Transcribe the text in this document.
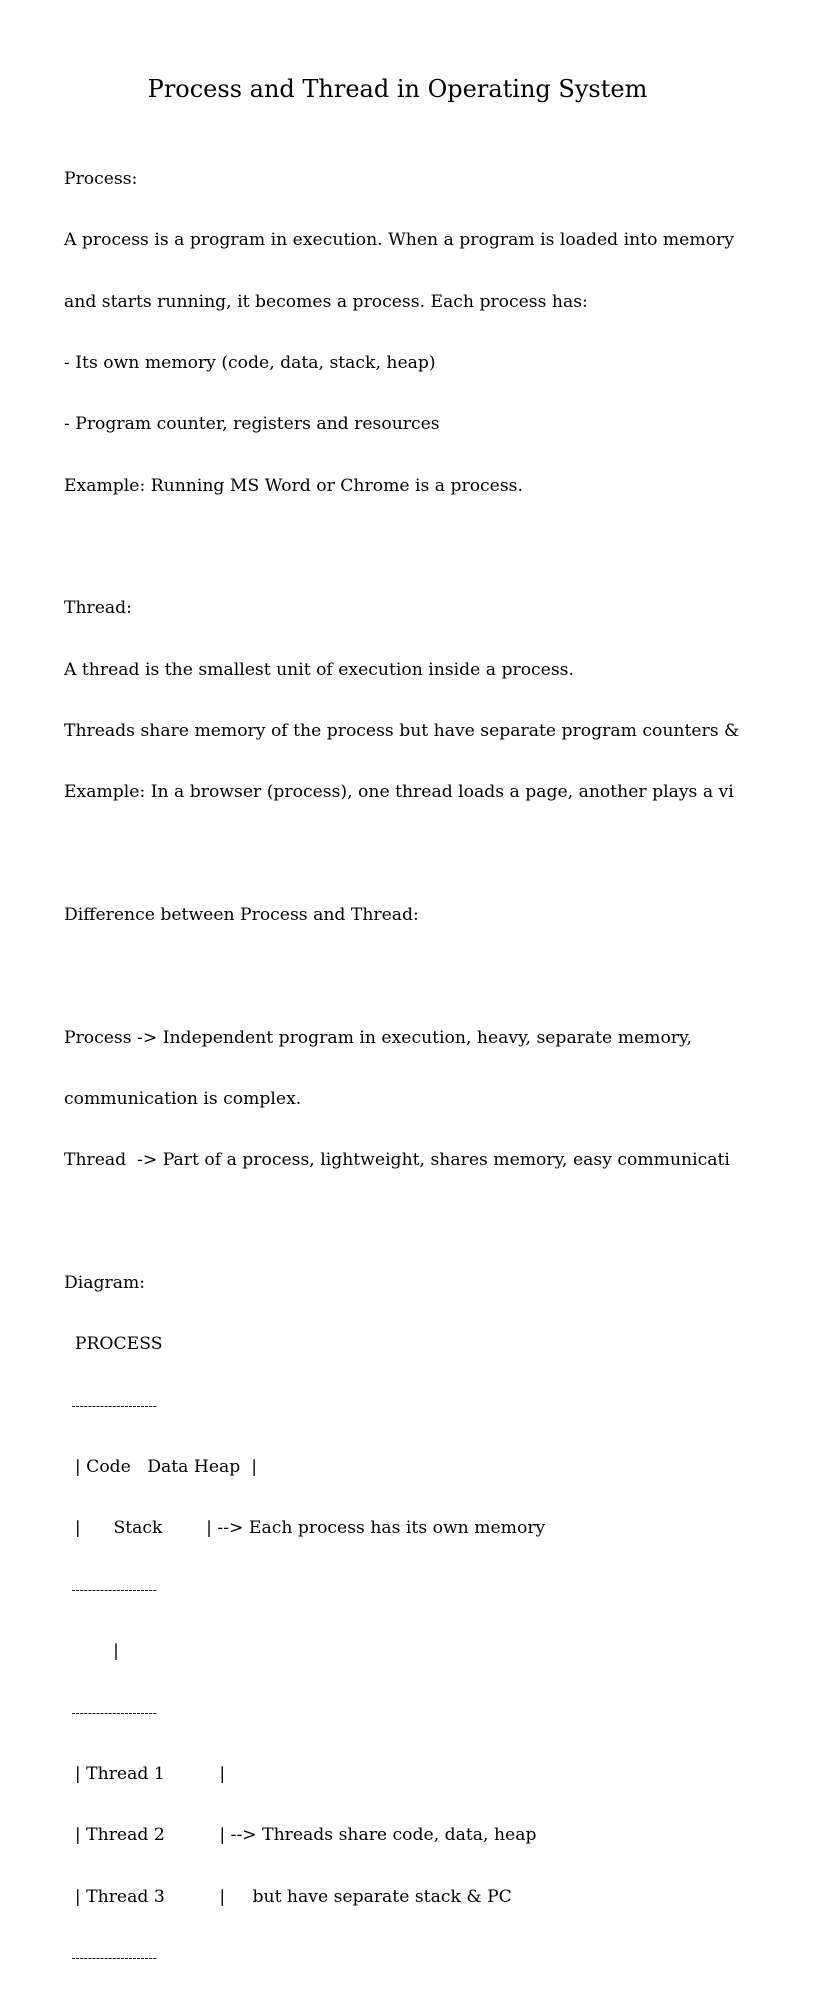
Process and Thread in Operating System

Process:

A process is a program in execution. When a program is loaded into memory

and starts running, it becomes a process. Each process has:

- Its own memory (code, data, stack, heap)

- Program counter, registers and resources

Example: Running MS Word or Chrome is a process.

Thread:

A thread is the smallest unit of execution inside a process.

Threads share memory of the process but have separate program counters &

Example: In a browser (process), one thread loads a page, another plays a vi

Difference between Process and Thread:

Process -> Independent program in execution, heavy, separate memory,

communication is complex.

Thread  -> Part of a process, lightweight, shares memory, easy communicati

Diagram:

PROCESS

---------------------

| Code   Data Heap  |

|      Stack        | --> Each process has its own memory

---------------------

|

---------------------

| Thread 1          |

| Thread 2          | --> Threads share code, data, heap

| Thread 3          |     but have separate stack & PC

---------------------
